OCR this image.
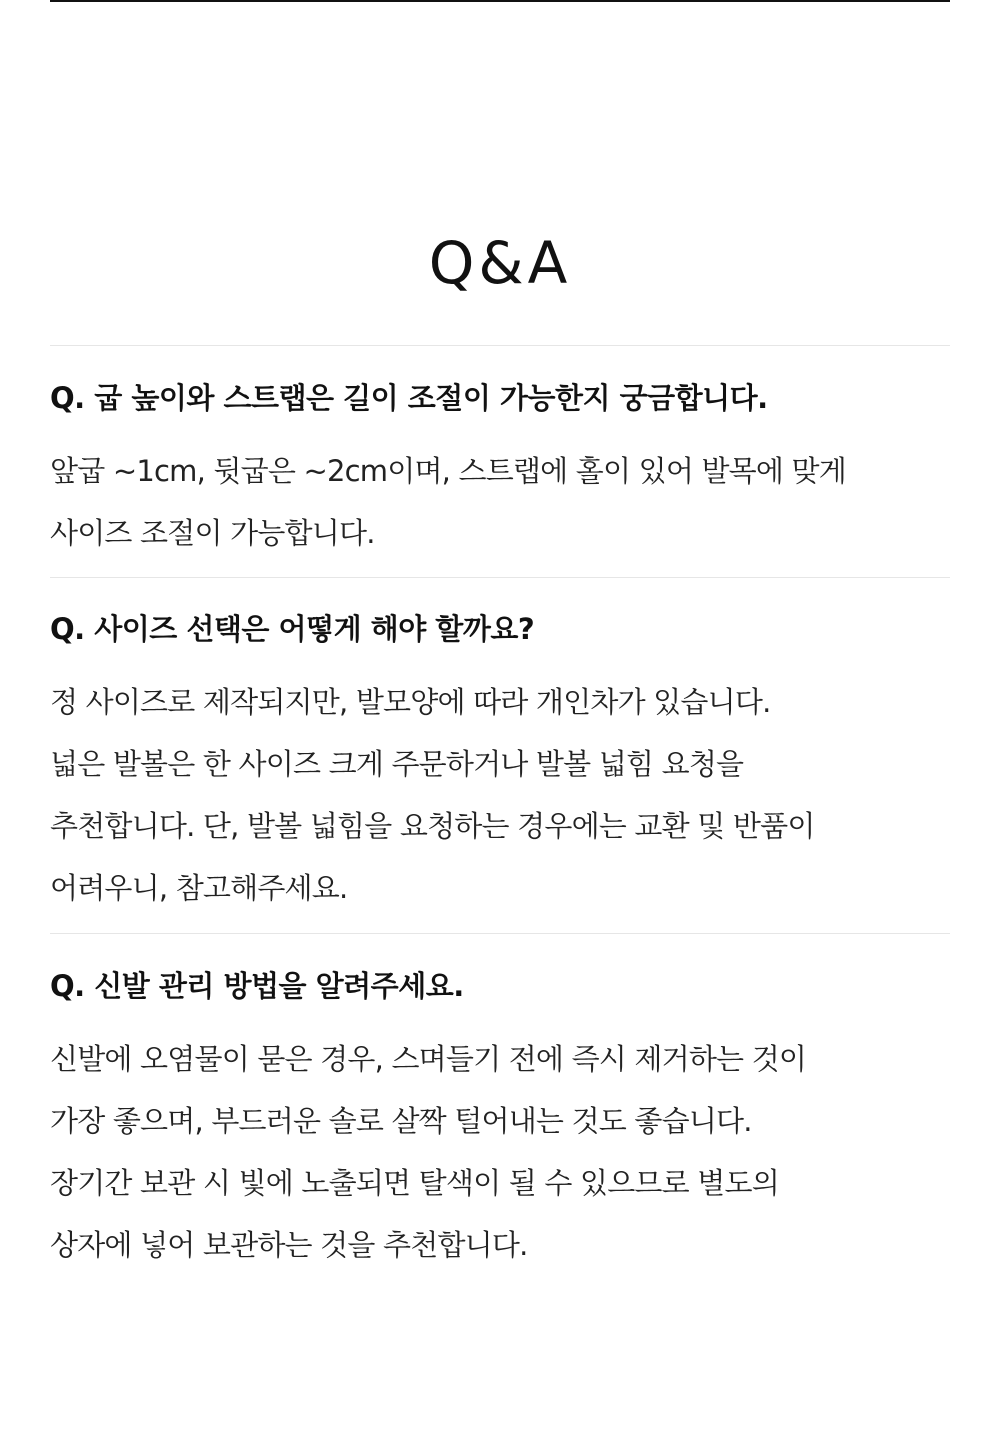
Q&A
Q. 굽 높이와 스트랩은 길이 조절이 가능한지 궁금합니다.
앞굽 ~1cm, 뒷굽은 ~2cm이며, 스트랩에 홀이 있어 발목에 맞게
사이즈 조절이 가능합니다.
Q. 사이즈 선택은 어떻게 해야 할까요?
정 사이즈로 제작되지만, 발모양에 따라 개인차가 있습니다.
넓은 발볼은 한 사이즈 크게 주문하거나 발볼 넓힘 요청을
추천합니다. 단, 발볼 넓힘을 요청하는 경우에는 교환 및 반품이
어려우니, 참고해주세요.
Q. 신발 관리 방법을 알려주세요.
신발에 오염물이 묻은 경우, 스며들기 전에 즉시 제거하는 것이
가장 좋으며, 부드러운 솔로 살짝 털어내는 것도 좋습니다.
장기간 보관 시 빛에 노출되면 탈색이 될 수 있으므로 별도의
상자에 넣어 보관하는 것을 추천합니다.
